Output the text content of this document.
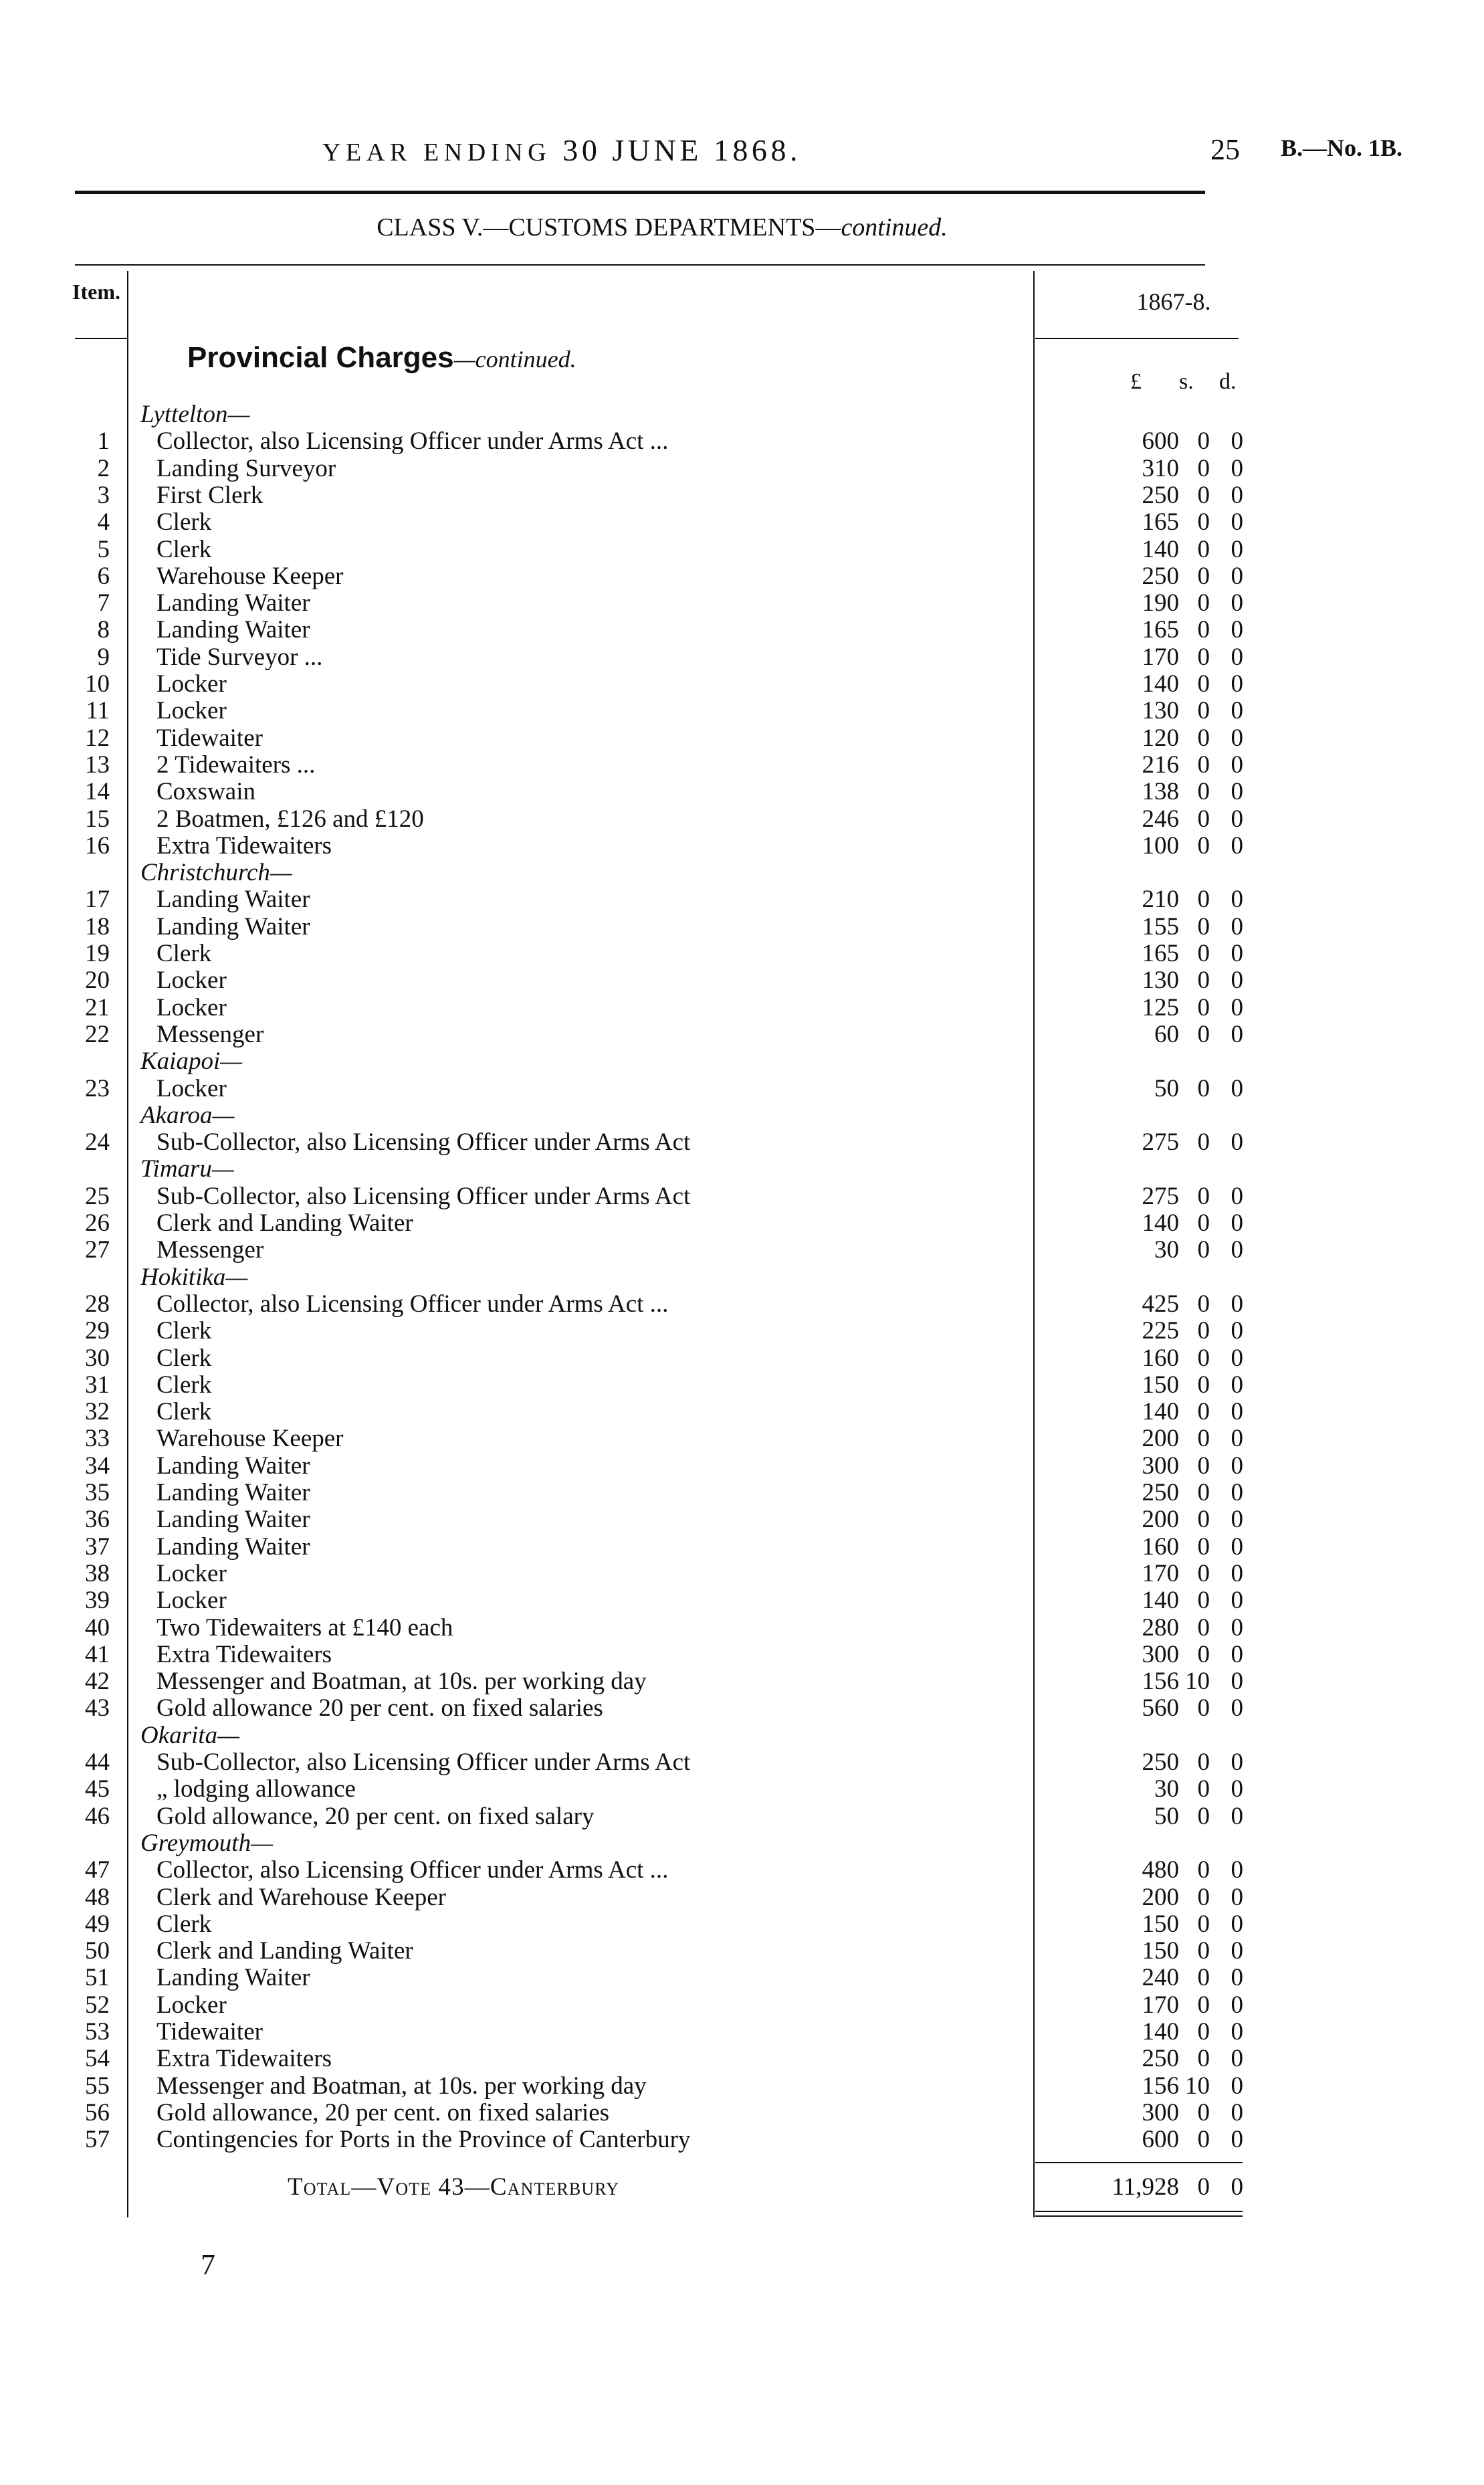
YEAR ENDING 30 JUNE 1868.	25 B.—No. 1B.
CLASS V.—CUSTOMS DEPARTMENTS—continued.
Item.	1867-8.
Provincial Charges—continued.
£ s. d.
Lyttelton—
1 Collector, also Licensing Officer under Arms Act ...	600 0 0
2 Landing Surveyor	310 0 0
3 First Clerk	250 0 0
4 Clerk	165 0 0
5 Clerk	140 0 0
6 Warehouse Keeper	250 0 0
7 Landing Waiter	190 0 0
8 Landing Waiter	165 0 0
9 Tide Surveyor ...	170 0 0
10 Locker	140 0 0
11 Locker	130 0 0
12 Tidewaiter	120 0 0
13 2 Tidewaiters ...	216 0 0
14 Coxswain	138 0 0
15 2 Boatmen, £126 and £120	246 0 0
16 Extra Tidewaiters	100 0 0
Christchurch—
17 Landing Waiter	210 0 0
18 Landing Waiter	155 0 0
19 Clerk	165 0 0
20 Locker	130 0 0
21 Locker	125 0 0
22 Messenger	60 0 0
Kaiapoi—
23 Locker	50 0 0
Akaroa—
24 Sub-Collector, also Licensing Officer under Arms Act	275 0 0
Timaru—
25 Sub-Collector, also Licensing Officer under Arms Act	275 0 0
26 Clerk and Landing Waiter	140 0 0
27 Messenger	30 0 0
Hokitika—
28 Collector, also Licensing Officer under Arms Act ...	425 0 0
29 Clerk	225 0 0
30 Clerk	160 0 0
31 Clerk	150 0 0
32 Clerk	140 0 0
33 Warehouse Keeper	200 0 0
34 Landing Waiter	300 0 0
35 Landing Waiter	250 0 0
36 Landing Waiter	200 0 0
37 Landing Waiter	160 0 0
38 Locker	170 0 0
39 Locker	140 0 0
40 Two Tidewaiters at £140 each	280 0 0
41 Extra Tidewaiters	300 0 0
42 Messenger and Boatman, at 10s. per working day	156 10 0
43 Gold allowance 20 per cent. on fixed salaries	560 0 0
Okarita—
44 Sub-Collector, also Licensing Officer under Arms Act	250 0 0
45 „ lodging allowance	30 0 0
46 Gold allowance, 20 per cent. on fixed salary	50 0 0
Greymouth—
47 Collector, also Licensing Officer under Arms Act ...	480 0 0
48 Clerk and Warehouse Keeper	200 0 0
49 Clerk	150 0 0
50 Clerk and Landing Waiter	150 0 0
51 Landing Waiter	240 0 0
52 Locker	170 0 0
53 Tidewaiter	140 0 0
54 Extra Tidewaiters	250 0 0
55 Messenger and Boatman, at 10s. per working day	156 10 0
56 Gold allowance, 20 per cent. on fixed salaries	300 0 0
57 Contingencies for Ports in the Province of Canterbury	600 0 0
Total—Vote 43—Canterbury	11,928 0 0
7
